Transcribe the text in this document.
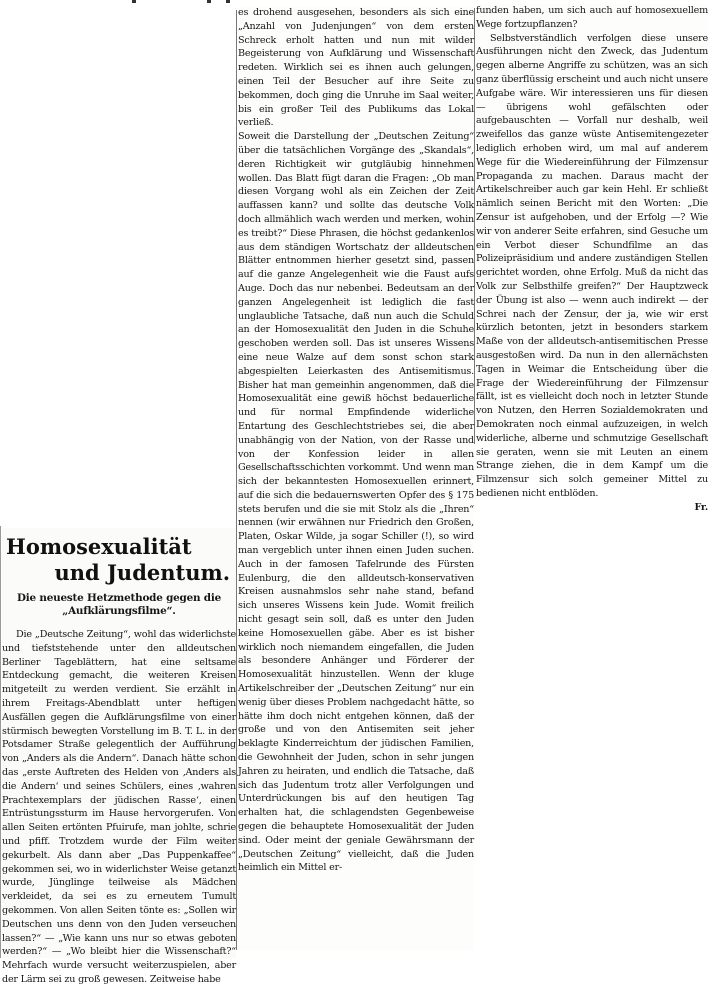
Homosexualität
und Judentum.
Die neueste Hetzmethode gegen die „Aufklärungsfilme“.

Die „Deutsche Zeitung“, wohl das widerlichste und tiefststehende unter den alldeutschen Berliner Tageblättern, hat eine seltsame Entdeckung gemacht, die weiteren Kreisen mitgeteilt zu werden verdient. Sie erzählt in ihrem Freitags-Abendblatt unter heftigen Ausfällen gegen die Aufklärungsfilme von einer stürmisch bewegten Vorstellung im B. T. L. in der Potsdamer Straße gelegentlich der Aufführung von „Anders als die Andern“. Danach hätte schon das „erste Auftreten des Helden von ‚Anders als die Andern‘ und seines Schülers, eines ‚wahren Prachtexemplars der jüdischen Rasse‘, einen Entrüstungssturm im Hause hervorgerufen. Von allen Seiten ertönten Pfuirufe, man johlte, schrie und pfiff. Trotzdem wurde der Film weiter gekurbelt. Als dann aber „Das Puppenkaffee“ gekommen sei, wo in widerlichster Weise getanzt wurde, Jünglinge teilweise als Mädchen verkleidet, da sei es zu erneutem Tumult gekommen. Von allen Seiten tönte es: „Sollen wir Deutschen uns denn von den Juden verseuchen lassen?“ — „Wie kann uns nur so etwas geboten werden?“ — „Wo bleibt hier die Wissenschaft?“ Mehrfach wurde versucht weiterzuspielen, aber der Lärm sei zu groß gewesen. Zeitweise habe

es drohend ausgesehen, besonders als sich eine „Anzahl von Judenjungen“ von dem ersten Schreck erholt hatten und nun mit wilder Begeisterung von Aufklärung und Wissenschaft redeten. Wirklich sei es ihnen auch gelungen, einen Teil der Besucher auf ihre Seite zu bekommen, doch ging die Unruhe im Saal weiter, bis ein großer Teil des Publikums das Lokal verließ.
Soweit die Darstellung der „Deutschen Zeitung“ über die tatsächlichen Vorgänge des „Skandals“, deren Richtigkeit wir gutgläubig hinnehmen wollen. Das Blatt fügt daran die Fragen: „Ob man diesen Vorgang wohl als ein Zeichen der Zeit auffassen kann? und sollte das deutsche Volk doch allmählich wach werden und merken, wohin es treibt?“ Diese Phrasen, die höchst gedankenlos aus dem ständigen Wortschatz der alldeutschen Blätter entnommen hierher gesetzt sind, passen auf die ganze Angelegenheit wie die Faust aufs Auge. Doch das nur nebenbei. Bedeutsam an der ganzen Angelegenheit ist lediglich die fast unglaubliche Tatsache, daß nun auch die Schuld an der Homosexualität den Juden in die Schuhe geschoben werden soll. Das ist unseres Wissens eine neue Walze auf dem sonst schon stark abgespielten Leierkasten des Antisemitismus. Bisher hat man gemeinhin angenommen, daß die Homosexualität eine gewiß höchst bedauerliche und für normal Empfindende widerliche Entartung des Geschlechtstriebes sei, die aber unabhängig von der Nation, von der Rasse und von der Konfession leider in allen Gesellschaftsschichten vorkommt. Und wenn man sich der bekanntesten Homosexuellen erinnert, auf die sich die bedauernswerten Opfer des § 175 stets berufen und die sie mit Stolz als die „Ihren“ nennen (wir erwähnen nur Friedrich den Großen, Platen, Oskar Wilde, ja sogar Schiller (!), so wird man vergeblich unter ihnen einen Juden suchen. Auch in der famosen Tafelrunde des Fürsten Eulenburg, die den alldeutsch-konservativen Kreisen ausnahmslos sehr nahe stand, befand sich unseres Wissens kein Jude. Womit freilich nicht gesagt sein soll, daß es unter den Juden keine Homosexuellen gäbe. Aber es ist bisher wirklich noch niemandem eingefallen, die Juden als besondere Anhänger und Förderer der Homosexualität hinzustellen. Wenn der kluge Artikelschreiber der „Deutschen Zeitung“ nur ein wenig über dieses Problem nachgedacht hätte, so hätte ihm doch nicht entgehen können, daß der große und von den Antisemiten seit jeher beklagte Kinderreichtum der jüdischen Familien, die Gewohnheit der Juden, schon in sehr jungen Jahren zu heiraten, und endlich die Tatsache, daß sich das Judentum trotz aller Verfolgungen und Unterdrückungen bis auf den heutigen Tag erhalten hat, die schlagendsten Gegenbeweise gegen die behauptete Homosexualität der Juden sind. Oder meint der geniale Gewährsmann der „Deutschen Zeitung“ vielleicht, daß die Juden heimlich ein Mittel er-

funden haben, um sich auch auf homosexuellem Wege fortzupflanzen?

Selbstverständlich verfolgen diese unsere Ausführungen nicht den Zweck, das Judentum gegen alberne Angriffe zu schützen, was an sich ganz überflüssig erscheint und auch nicht unsere Aufgabe wäre. Wir interessieren uns für diesen — übrigens wohl gefälschten oder aufgebauschten — Vorfall nur deshalb, weil zweifellos das ganze wüste Antisemitengezeter lediglich erhoben wird, um mal auf anderem Wege für die Wiedereinführung der Filmzensur Propaganda zu machen. Daraus macht der Artikelschreiber auch gar kein Hehl. Er schließt nämlich seinen Bericht mit den Worten: „Die Zensur ist aufgehoben, und der Erfolg —? Wie wir von anderer Seite erfahren, sind Gesuche um ein Verbot dieser Schundfilme an das Polizeipräsidium und andere zuständigen Stellen gerichtet worden, ohne Erfolg. Muß da nicht das Volk zur Selbsthilfe greifen?“ Der Hauptzweck der Übung ist also — wenn auch indirekt — der Schrei nach der Zensur, der ja, wie wir erst kürzlich betonten, jetzt in besonders starkem Maße von der alldeutsch-antisemitischen Presse ausgestoßen wird. Da nun in den allernächsten Tagen in Weimar die Entscheidung über die Frage der Wiedereinführung der Filmzensur fällt, ist es vielleicht doch noch in letzter Stunde von Nutzen, den Herren Sozialdemokraten und Demokraten noch einmal aufzuzeigen, in welch widerliche, alberne und schmutzige Gesellschaft sie geraten, wenn sie mit Leuten an einem Strange ziehen, die in dem Kampf um die Filmzensur sich solch gemeiner Mittel zu bedienen nicht entblöden.

Fr.
